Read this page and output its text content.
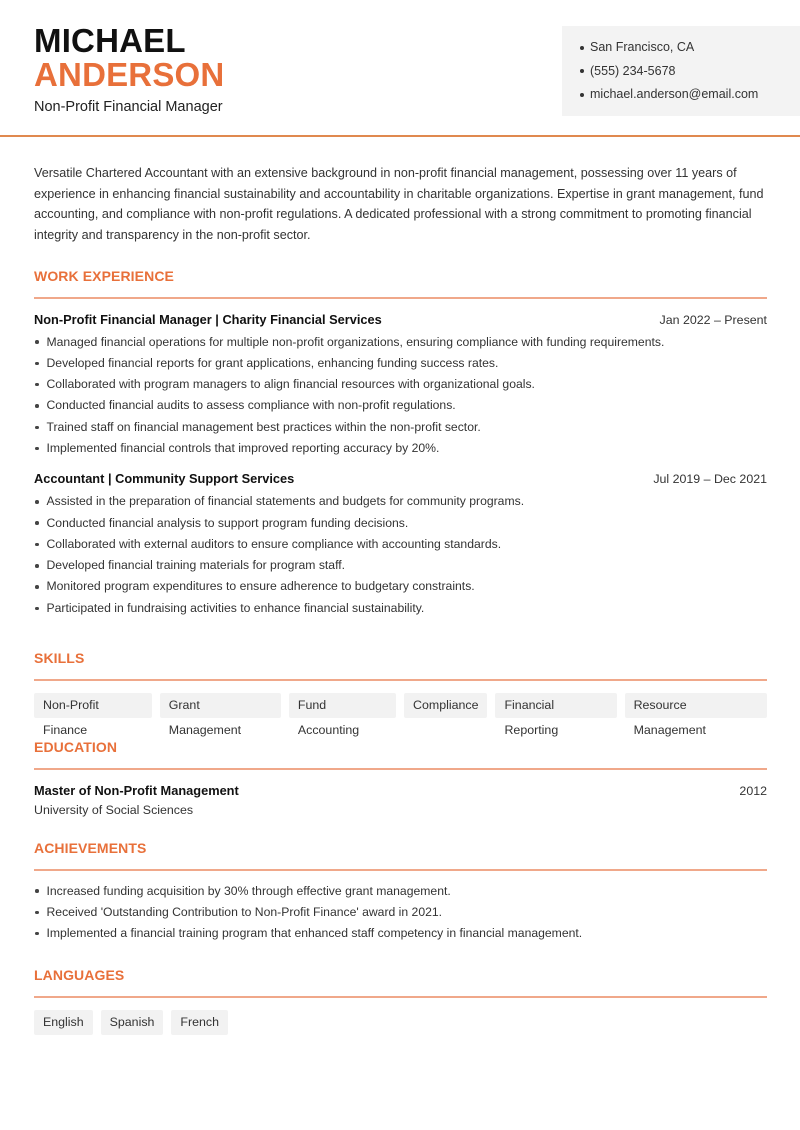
MICHAEL
ANDERSON
Non-Profit Financial Manager
San Francisco, CA
(555) 234-5678
michael.anderson@email.com

Versatile Chartered Accountant with an extensive background in non-profit financial management, possessing over 11 years of experience in enhancing financial sustainability and accountability in charitable organizations. Expertise in grant management, fund accounting, and compliance with non-profit regulations. A dedicated professional with a strong commitment to promoting financial integrity and transparency in the non-profit sector.

WORK EXPERIENCE
Non-Profit Financial Manager | Charity Financial Services	Jan 2022 – Present
Managed financial operations for multiple non-profit organizations, ensuring compliance with funding requirements.
Developed financial reports for grant applications, enhancing funding success rates.
Collaborated with program managers to align financial resources with organizational goals.
Conducted financial audits to assess compliance with non-profit regulations.
Trained staff on financial management best practices within the non-profit sector.
Implemented financial controls that improved reporting accuracy by 20%.
Accountant | Community Support Services	Jul 2019 – Dec 2021
Assisted in the preparation of financial statements and budgets for community programs.
Conducted financial analysis to support program funding decisions.
Collaborated with external auditors to ensure compliance with accounting standards.
Developed financial training materials for program staff.
Monitored program expenditures to ensure adherence to budgetary constraints.
Participated in fundraising activities to enhance financial sustainability.
SKILLS
Non-Profit Finance
Grant Management
Fund Accounting
Compliance	Financial Reporting
Resource Management
EDUCATION
Master of Non-Profit Management	2012
University of Social Sciences
ACHIEVEMENTS
Increased funding acquisition by 30% through effective grant management.
Received 'Outstanding Contribution to Non-Profit Finance' award in 2021.
Implemented a financial training program that enhanced staff competency in financial management.
LANGUAGES
English	Spanish	French
